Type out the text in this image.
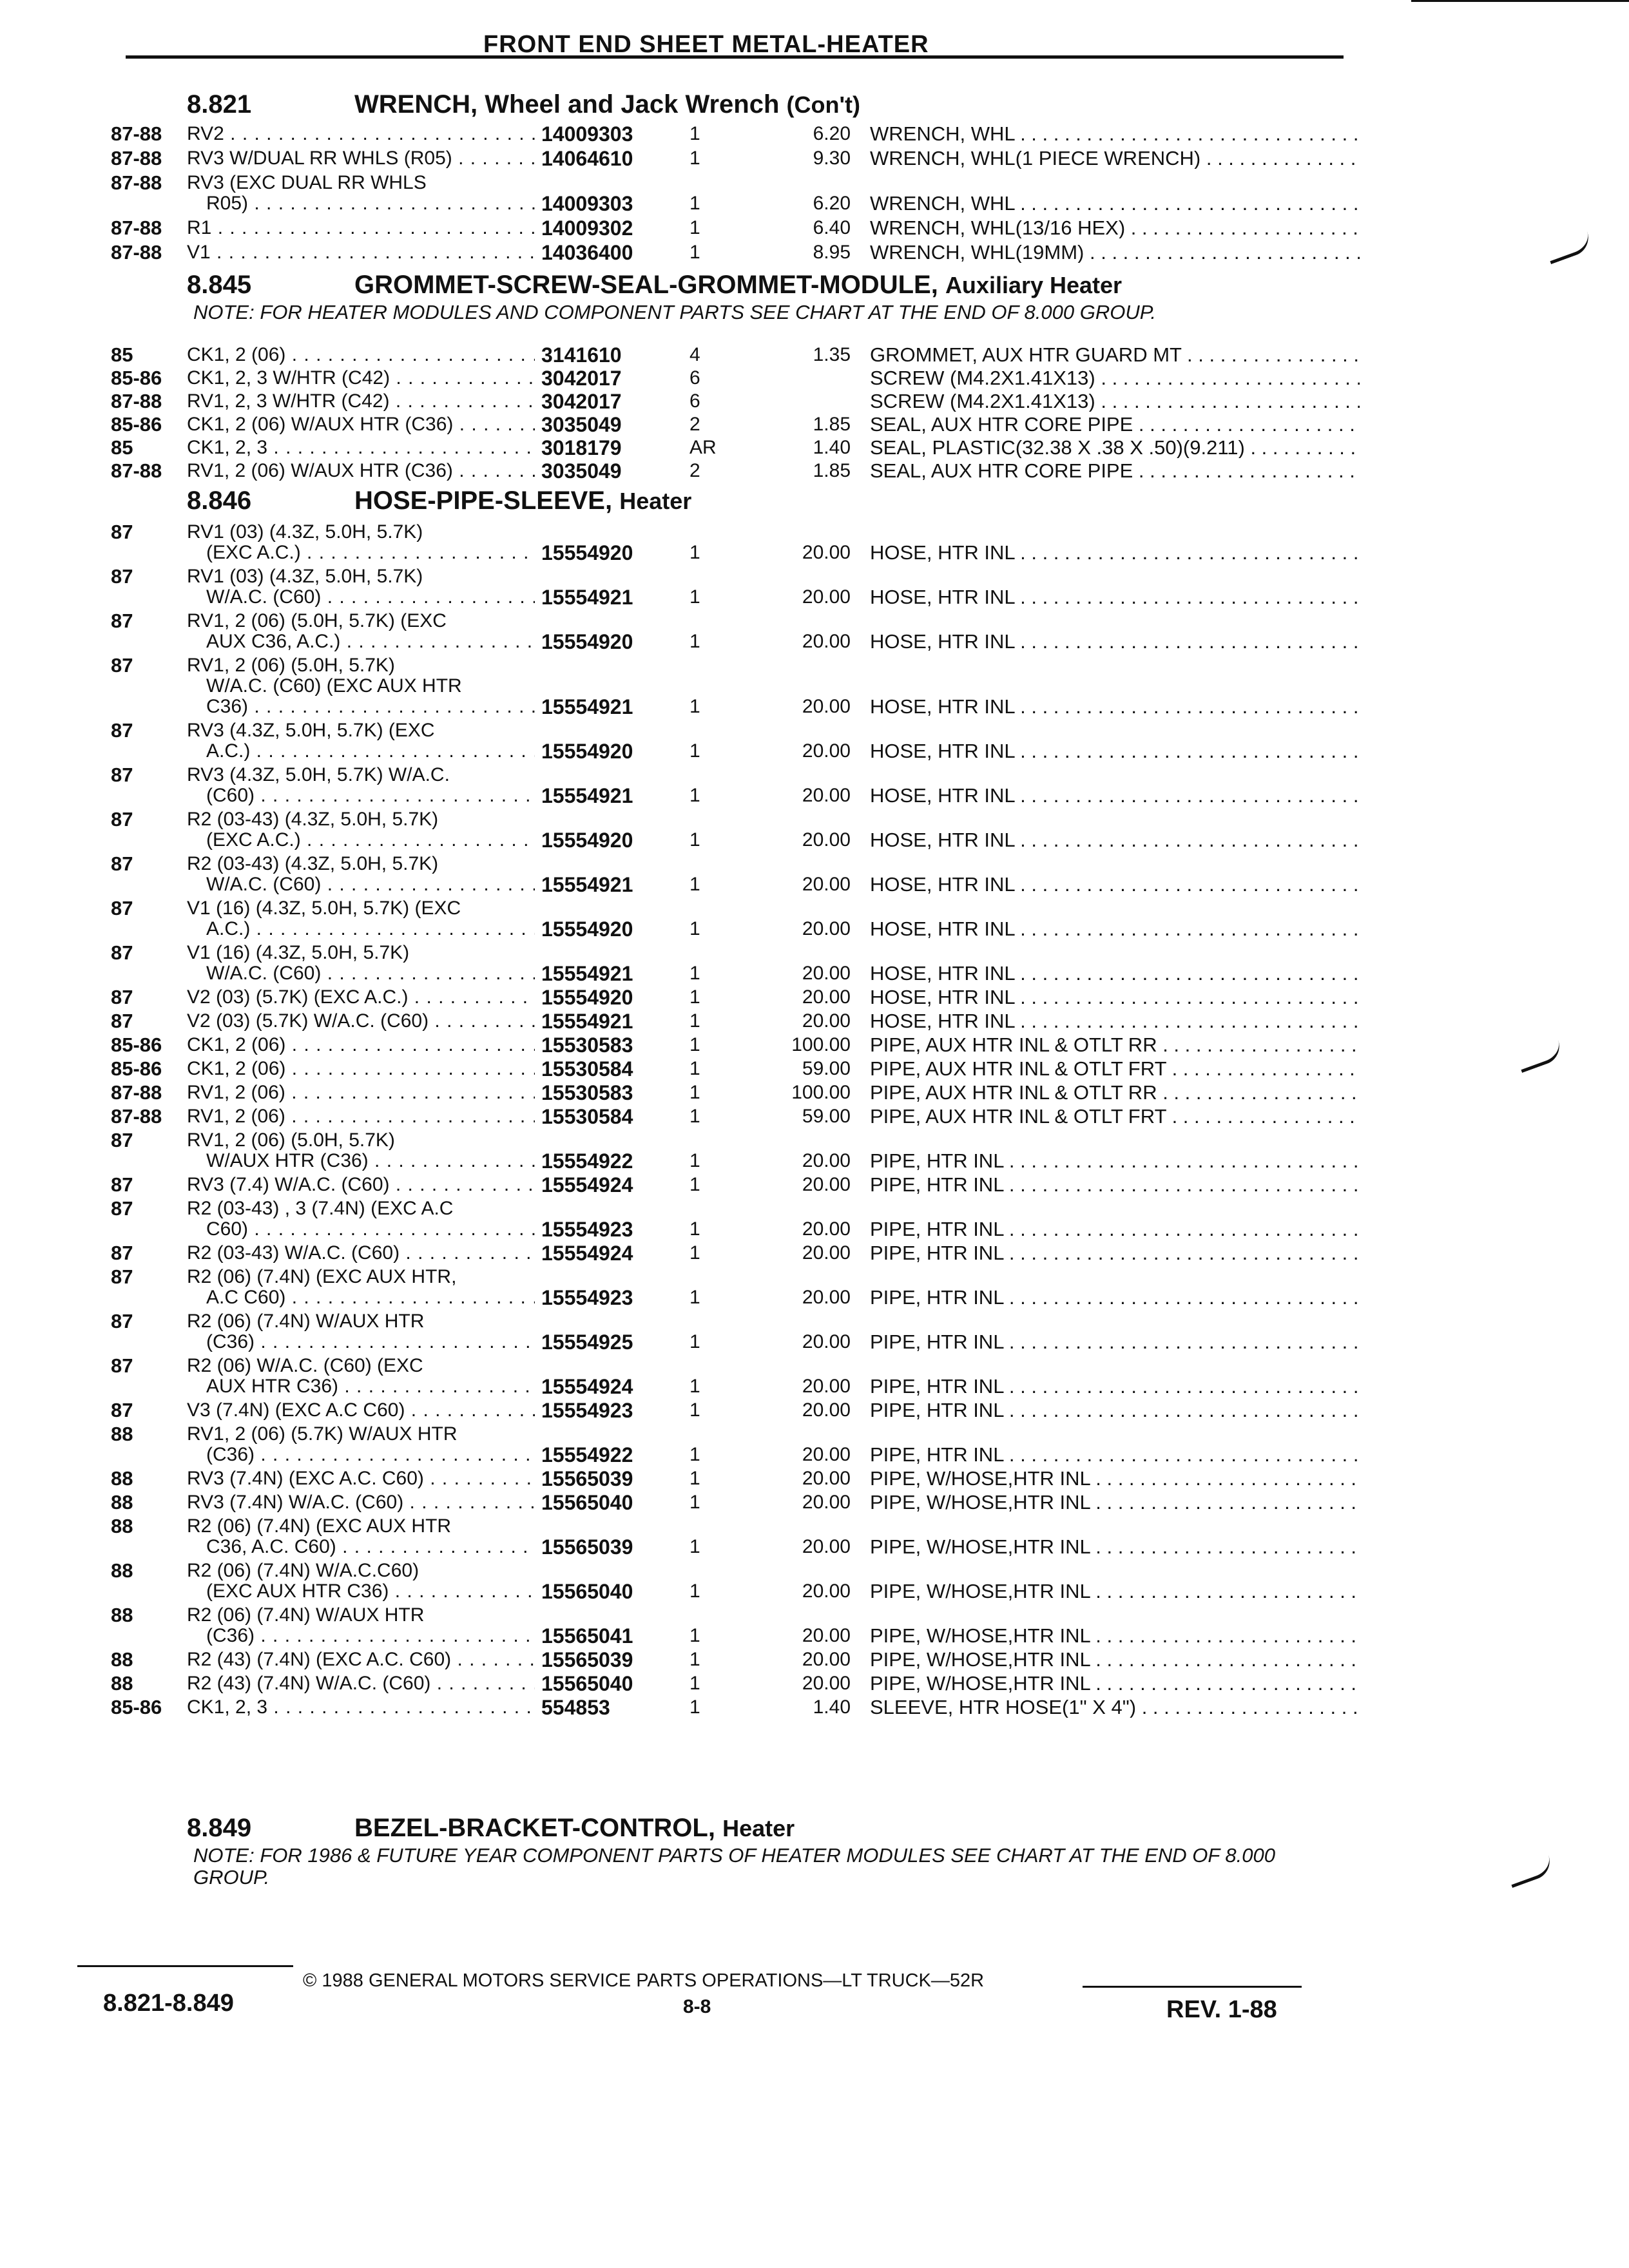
FRONT END SHEET METAL-HEATER
8.821	WRENCH, Wheel and Jack Wrench (Con't)
87-88	RV2 . . .	14009303	1	6.20 WRENCH, WHL . . .
87-88	RV3 W/DUAL RR WHLS (R05) . . .	14064610	1	9.30 WRENCH, WHL(1 PIECE WRENCH) . . .
87-88	RV3 (EXC DUAL RR WHLS
R05) . . .	14009303	1	6.20 WRENCH, WHL . . .
87-88	R1 . . .	14009302	1	6.40 WRENCH, WHL(13/16 HEX) . . .
87-88	V1 . . .	14036400	1	8.95 WRENCH, WHL(19MM) . . .
8.845	GROMMET-SCREW-SEAL-GROMMET-MODULE, Auxiliary Heater
NOTE: FOR HEATER MODULES AND COMPONENT PARTS SEE CHART AT THE END OF 8.000 GROUP.
85	CK1, 2 (06) . . .	3141610	4	1.35 GROMMET, AUX HTR GUARD MT . . .
85-86	CK1, 2, 3 W/HTR (C42) . . .	3042017	6	SCREW (M4.2X1.41X13) . . .
87-88	RV1, 2, 3 W/HTR (C42) . . .	3042017	6	SCREW (M4.2X1.41X13) . . .
85-86	CK1, 2 (06) W/AUX HTR (C36) . . .	3035049	2	1.85 SEAL, AUX HTR CORE PIPE . . .
85	CK1, 2, 3 . . .	3018179	AR	1.40 SEAL, PLASTIC(32.38 X .38 X .50)(9.211) . . .
87-88	RV1, 2 (06) W/AUX HTR (C36) . . .	3035049	2	1.85 SEAL, AUX HTR CORE PIPE . . .
8.846	HOSE-PIPE-SLEEVE, Heater
87	RV1 (03) (4.3Z, 5.0H, 5.7K)
(EXC A.C.) . . .	15554920	1	20.00 HOSE, HTR INL . . .
87	RV1 (03) (4.3Z, 5.0H, 5.7K)
W/A.C. (C60) . . .	15554921	1	20.00 HOSE, HTR INL . . .
87	RV1, 2 (06) (5.0H, 5.7K) (EXC
AUX C36, A.C.) . . .	15554920	1	20.00 HOSE, HTR INL . . .
87	RV1, 2 (06) (5.0H, 5.7K)
W/A.C. (C60) (EXC AUX HTR
C36) . . .	15554921	1	20.00 HOSE, HTR INL . . .
87	RV3 (4.3Z, 5.0H, 5.7K) (EXC
A.C.) . . .	15554920	1	20.00 HOSE, HTR INL . . .
87	RV3 (4.3Z, 5.0H, 5.7K) W/A.C.
(C60) . . .	15554921	1	20.00 HOSE, HTR INL . . .
87	R2 (03-43) (4.3Z, 5.0H, 5.7K)
(EXC A.C.) . . .	15554920	1	20.00 HOSE, HTR INL . . .
87	R2 (03-43) (4.3Z, 5.0H, 5.7K)
W/A.C. (C60) . . .	15554921	1	20.00 HOSE, HTR INL . . .
87	V1 (16) (4.3Z, 5.0H, 5.7K) (EXC
A.C.) . . .	15554920	1	20.00 HOSE, HTR INL . . .
87	V1 (16) (4.3Z, 5.0H, 5.7K)
W/A.C. (C60) . . .	15554921	1	20.00 HOSE, HTR INL . . .
87	V2 (03) (5.7K) (EXC A.C.) . . .	15554920	1	20.00 HOSE, HTR INL . . .
87	V2 (03) (5.7K) W/A.C. (C60) . . .	15554921	1	20.00 HOSE, HTR INL . . .
85-86	CK1, 2 (06) . . .	15530583	1	100.00 PIPE, AUX HTR INL & OTLT RR . . .
85-86	CK1, 2 (06) . . .	15530584	1	59.00 PIPE, AUX HTR INL & OTLT FRT . . .
87-88	RV1, 2 (06) . . .	15530583	1	100.00 PIPE, AUX HTR INL & OTLT RR . . .
87-88	RV1, 2 (06) . . .	15530584	1	59.00 PIPE, AUX HTR INL & OTLT FRT . . .
87	RV1, 2 (06) (5.0H, 5.7K)
W/AUX HTR (C36) . . .	15554922	1	20.00 PIPE, HTR INL . . .
87	RV3 (7.4) W/A.C. (C60) . . .	15554924	1	20.00 PIPE, HTR INL . . .
87	R2 (03-43) , 3 (7.4N) (EXC A.C
C60) . . .	15554923	1	20.00 PIPE, HTR INL . . .
87	R2 (03-43) W/A.C. (C60) . . .	15554924	1	20.00 PIPE, HTR INL . . .
87	R2 (06) (7.4N) (EXC AUX HTR,
A.C C60) . . .	15554923	1	20.00 PIPE, HTR INL . . .
87	R2 (06) (7.4N) W/AUX HTR
(C36) . . .	15554925	1	20.00 PIPE, HTR INL . . .
87	R2 (06) W/A.C. (C60) (EXC
AUX HTR C36) . . .	15554924	1	20.00 PIPE, HTR INL . . .
87	V3 (7.4N) (EXC A.C C60) . . .	15554923	1	20.00 PIPE, HTR INL . . .
88	RV1, 2 (06) (5.7K) W/AUX HTR
(C36) . . .	15554922	1	20.00 PIPE, HTR INL . . .
88	RV3 (7.4N) (EXC A.C. C60) . . .	15565039	1	20.00 PIPE, W/HOSE,HTR INL . . .
88	RV3 (7.4N) W/A.C. (C60) . . .	15565040	1	20.00 PIPE, W/HOSE,HTR INL . . .
88	R2 (06) (7.4N) (EXC AUX HTR
C36, A.C. C60) . . .	15565039	1	20.00 PIPE, W/HOSE,HTR INL . . .
88	R2 (06) (7.4N) W/A.C.C60)
(EXC AUX HTR C36) . . .	15565040	1	20.00 PIPE, W/HOSE,HTR INL . . .
88	R2 (06) (7.4N) W/AUX HTR
(C36) . . .	15565041	1	20.00 PIPE, W/HOSE,HTR INL . . .
88	R2 (43) (7.4N) (EXC A.C. C60) . . .	15565039	1	20.00 PIPE, W/HOSE,HTR INL . . .
88	R2 (43) (7.4N) W/A.C. (C60) . . .	15565040	1	20.00 PIPE, W/HOSE,HTR INL . . .
85-86	CK1, 2, 3 . . .	554853	1	1.40 SLEEVE, HTR HOSE(1" X 4") . . .
8.849	BEZEL-BRACKET-CONTROL, Heater
NOTE: FOR 1986 & FUTURE YEAR COMPONENT PARTS OF HEATER MODULES SEE CHART AT THE END OF 8.000 GROUP.
8.821-8.849
© 1988 GENERAL MOTORS SERVICE PARTS OPERATIONS—LT TRUCK—52R
8-8	REV. 1-88
